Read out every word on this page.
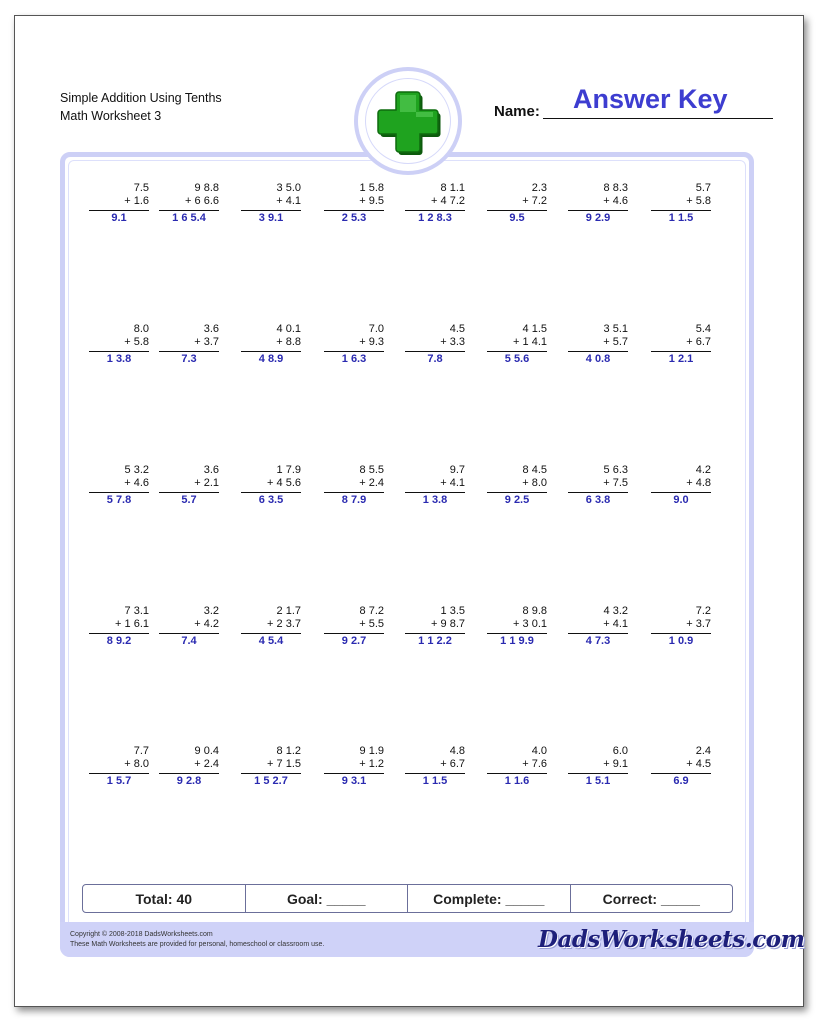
Simple Addition Using Tenths
Math Worksheet 3	Name: Answer Key
7.5
+ 1.6
9.1
9 8.8
+ 6 6.6
1 6 5.4
3 5.0
+ 4.1
3 9.1
1 5.8
+ 9.5
2 5.3
8 1.1
+ 4 7.2
1 2 8.3
2.3
+ 7.2
9.5
8 8.3
+ 4.6
9 2.9
5.7
+ 5.8
1 1.5
8.0
+ 5.8
1 3.8
3.6
+ 3.7
7.3
4 0.1
+ 8.8
4 8.9
7.0
+ 9.3
1 6.3
4.5
+ 3.3
7.8
4 1.5
+ 1 4.1
5 5.6
3 5.1
+ 5.7
4 0.8
5.4
+ 6.7
1 2.1
5 3.2
+ 4.6
5 7.8
3.6
+ 2.1
5.7
1 7.9
+ 4 5.6
6 3.5
8 5.5
+ 2.4
8 7.9
9.7
+ 4.1
1 3.8
8 4.5
+ 8.0
9 2.5
5 6.3
+ 7.5
6 3.8
4.2
+ 4.8
9.0
7 3.1
+ 1 6.1
8 9.2
3.2
+ 4.2
7.4
2 1.7
+ 2 3.7
4 5.4
8 7.2
+ 5.5
9 2.7
1 3.5
+ 9 8.7
1 1 2.2
8 9.8
+ 3 0.1
1 1 9.9
4 3.2
+ 4.1
4 7.3
7.2
+ 3.7
1 0.9
7.7
+ 8.0
1 5.7
9 0.4
+ 2.4
9 2.8
8 1.2
+ 7 1.5
1 5 2.7
9 1.9
+ 1.2
9 3.1
4.8
+ 6.7
1 1.5
4.0
+ 7.6
1 1.6
6.0
+ 9.1
1 5.1
2.4
+ 4.5
6.9
Total: 40	Goal: _____	Complete: _____	Correct: _____
Copyright © 2008-2018 DadsWorksheets.com
These Math Worksheets are provided for personal, homeschool or classroom use.	DadsWorksheets.com
